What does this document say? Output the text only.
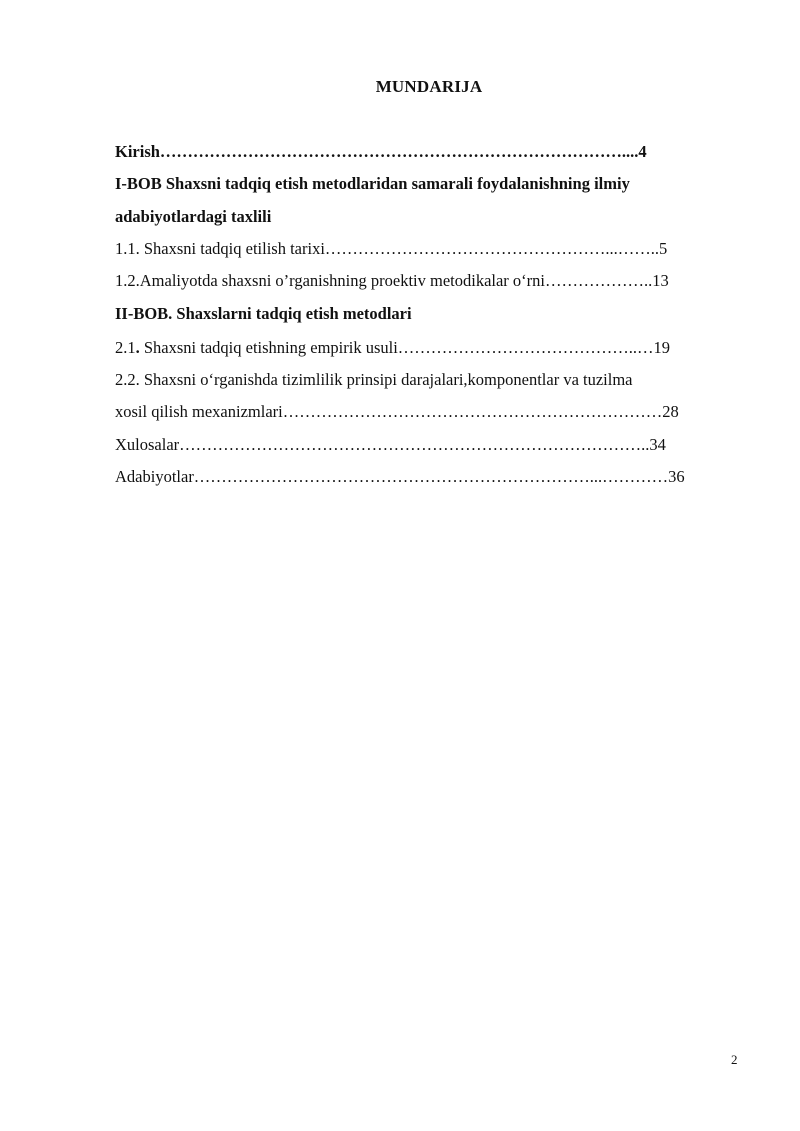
MUNDARIJA
Kirish…………………………………………………………………………....4
I-BOB Shaxsni tadqiq etish metodlaridan samarali foydalanishning ilmiy
adabiyotlardagi taxlili
1.1. Shaxsni tadqiq etilish tarixi……………………………………………...……..5
1.2.Amaliyotda shaxsni o’rganishning proektiv metodikalar o‘rni………………..13
II-BOB. Shaxslarni tadqiq etish metodlari
2.1. Shaxsni tadqiq etishning empirik usuli……………………………………..…19
2.2. Shaxsni o‘rganishda tizimlilik prinsipi darajalari,komponentlar va tuzilma
xosil qilish mexanizmlari……………………………………………………………28
Xulosalar…………………………………………………………………………..34
Adabiyotlar………………………………………………………………...…………36
2
